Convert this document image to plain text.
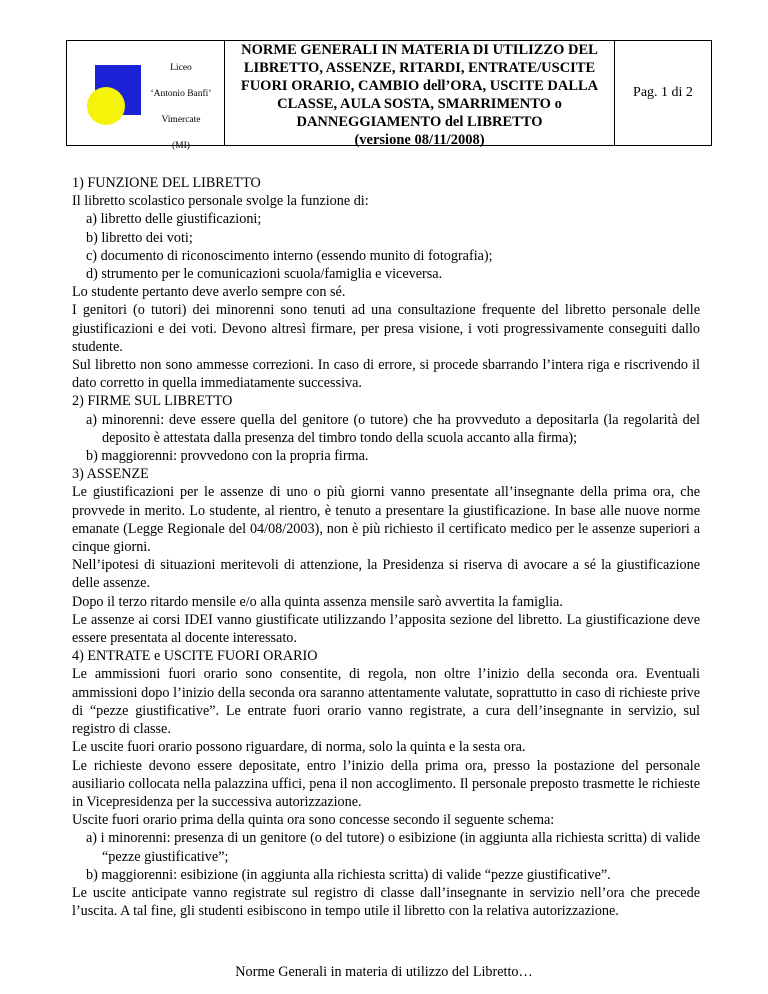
Liceo
‘Antonio Banfi’
Vimercate
(MI)
NORME GENERALI IN MATERIA DI UTILIZZO DEL
LIBRETTO, ASSENZE, RITARDI, ENTRATE/USCITE
FUORI ORARIO, CAMBIO dell’ORA, USCITE DALLA
CLASSE, AULA SOSTA, SMARRIMENTO o
DANNEGGIAMENTO del LIBRETTO
(versione 08/11/2008)
Pag. 1 di 2

1) FUNZIONE DEL LIBRETTO

Il libretto scolastico personale svolge la funzione di:

a) libretto delle giustificazioni;

b) libretto dei voti;

c) documento di riconoscimento interno (essendo munito di fotografia);

d) strumento per le comunicazioni scuola/famiglia e viceversa.

Lo studente pertanto deve averlo sempre con sé.

I genitori (o tutori) dei minorenni sono tenuti ad una consultazione frequente del libretto personale delle giustificazioni e dei voti. Devono altresì firmare, per presa visione, i voti progressivamente conseguiti dallo studente.

Sul libretto non sono ammesse correzioni. In caso di errore, si procede sbarrando l’intera riga e riscrivendo il dato corretto in quella immediatamente successiva.

2) FIRME SUL LIBRETTO

a) minorenni: deve essere quella del genitore (o tutore) che ha provveduto a depositarla (la regolarità del deposito è attestata dalla presenza del timbro tondo della scuola accanto alla firma);

b) maggiorenni: provvedono con la propria firma.

3) ASSENZE

Le giustificazioni per le assenze di uno o più giorni vanno presentate all’insegnante della prima ora, che provvede in merito. Lo studente, al rientro, è tenuto a presentare la giustificazione. In base alle nuove norme emanate (Legge Regionale del 04/08/2003), non è più richiesto il certificato medico per le assenze superiori a cinque giorni.

Nell’ipotesi di situazioni meritevoli di attenzione, la Presidenza si riserva di avocare a sé la giustificazione delle assenze.

Dopo il terzo ritardo mensile e/o alla quinta assenza mensile sarò avvertita la famiglia.

Le assenze ai corsi IDEI vanno giustificate utilizzando l’apposita sezione del libretto. La giustificazione deve essere presentata al docente interessato.

4) ENTRATE e USCITE FUORI ORARIO

Le ammissioni fuori orario sono consentite, di regola, non oltre l’inizio della seconda ora. Eventuali ammissioni dopo l’inizio della seconda ora saranno attentamente valutate, soprattutto in caso di richieste prive di “pezze giustificative”. Le entrate fuori orario vanno registrate, a cura dell’insegnante in servizio, sul registro di classe.

Le uscite fuori orario possono riguardare, di norma, solo la quinta e la sesta ora.

Le richieste devono essere depositate, entro l’inizio della prima ora, presso la postazione del personale ausiliario collocata nella palazzina uffici, pena il non accoglimento. Il personale preposto trasmette le richieste in Vicepresidenza per la successiva autorizzazione.

Uscite fuori orario prima della quinta ora sono concesse secondo il seguente schema:

a) i minorenni: presenza di un genitore (o del tutore) o esibizione (in aggiunta alla richiesta scritta) di valide “pezze giustificative”;

b) maggiorenni: esibizione (in aggiunta alla richiesta scritta) di valide “pezze giustificative”.

Le uscite anticipate vanno registrate sul registro di classe dall’insegnante in servizio nell’ora che precede l’uscita. A tal fine, gli studenti esibiscono in tempo utile il libretto con la relativa autorizzazione.

Norme Generali in materia di utilizzo del Libretto…
